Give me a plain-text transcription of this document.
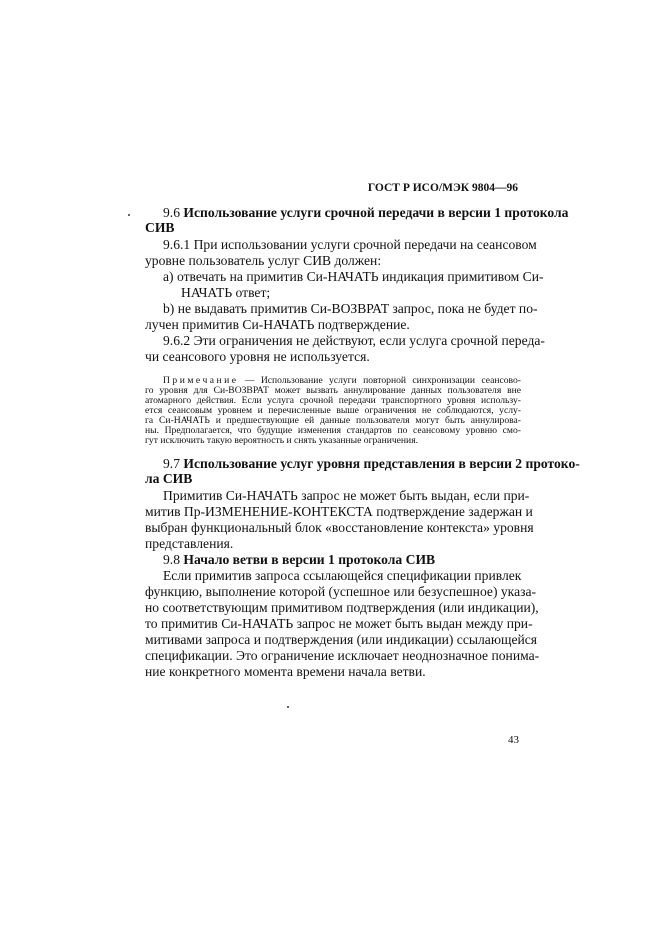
ГОСТ Р ИСО/МЭК 9804—96
9.6 Использование услуги срочной передачи в версии 1 протокола
СИВ
9.6.1 При использовании услуги срочной передачи на сеансовом
уровне пользователь услуг СИВ должен:
а) отвечать на примитив Си-НАЧАТЬ индикация примитивом Си-
НАЧАТЬ ответ;
b) не выдавать примитив Си-ВОЗВРАТ запрос, пока не будет по-
лучен примитив Си-НАЧАТЬ подтверждение.
9.6.2 Эти ограничения не действуют, если услуга срочной переда-
чи сеансового уровня не используется.
Примечание — Использование услуги повторной синхронизации сеансово-
го уровня для Си-ВОЗВРАТ может вызвать аннулирование данных пользователя вне
атомарного действия. Если услуга срочной передачи транспортного уровня использу-
ется сеансовым уровнем и перечисленные выше ограничения не соблюдаются, услу-
га Си-НАЧАТЬ и предшествующие ей данные пользователя могут быть аннулирова-
ны. Предполагается, что будущие изменения стандартов по сеансовому уровню смо-
гут исключить такую вероятность и снять указанные ограничения.
9.7 Использование услуг уровня представления в версии 2 протоко-
ла СИВ
Примитив Си-НАЧАТЬ запрос не может быть выдан, если при-
митив Пр-ИЗМЕНЕНИЕ-КОНТЕКСТА подтверждение задержан и
выбран функциональный блок «восстановление контекста» уровня
представления.
9.8 Начало ветви в версии 1 протокола СИВ
Если примитив запроса ссылающейся спецификации привлек
функцию, выполнение которой (успешное или безуспешное) указа-
но соответствующим примитивом подтверждения (или индикации),
то примитив Си-НАЧАТЬ запрос не может быть выдан между при-
митивами запроса и подтверждения (или индикации) ссылающейся
спецификации. Это ограничение исключает неоднозначное понима-
ние конкретного момента времени начала ветви.
43
